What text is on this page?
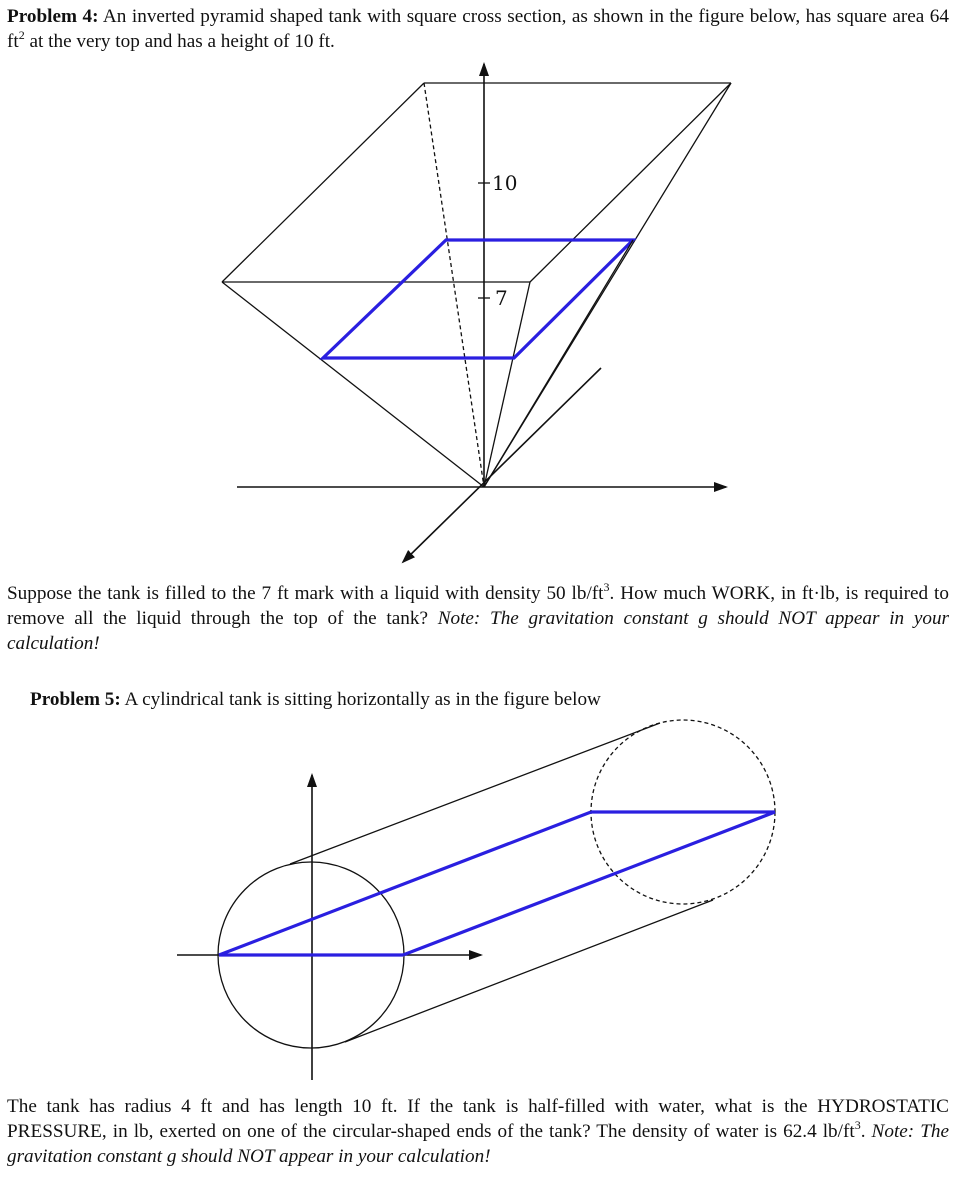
Problem 4: An inverted pyramid shaped tank with square cross section, as shown in the figure below, has square area 64 $ft^2$ at the very top and has a height of 10 ft.

10
7

Suppose the tank is filled to the 7 ft mark with a liquid with density 50 $lb/ft^3$. How much WORK, in ft·lb, is required to remove all the liquid through the top of the tank? Note: The gravitation constant g should NOT appear in your calculation!

Problem 5: A cylindrical tank is sitting horizontally as in the figure below

The tank has radius 4 ft and has length 10 ft. If the tank is half-filled with water, what is the HYDROSTATIC PRESSURE, in lb, exerted on one of the circular-shaped ends of the tank? The density of water is 62.4 $lb/ft^3$. Note: The gravitation constant g should NOT appear in your calculation!
